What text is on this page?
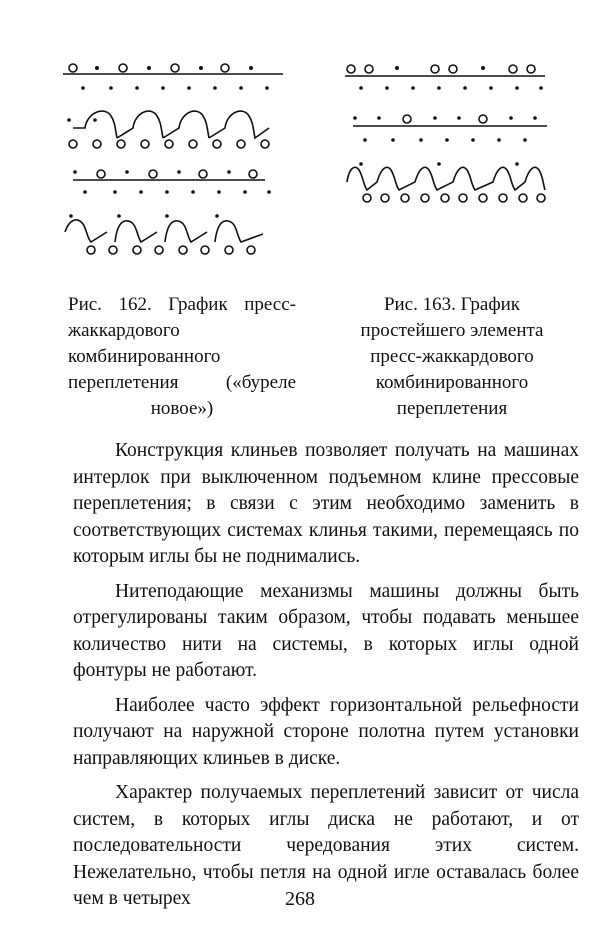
Рис. 162. График пресс-жаккардового комбинированного переплетения («буреле новое»)
Рис. 163. График простейшего элемента пресс-жаккардового комбинированного переплетения

Конструкция клиньев позволяет получать на машинах интерлок при выключенном подъемном клине прессовые переплетения; в связи с этим необходимо заменить в соответствующих системах клинья такими, перемещаясь по которым иглы бы не поднимались.

Нитеподающие механизмы машины должны быть отрегулированы таким образом, чтобы подавать меньшее количество нити на системы, в которых иглы одной фонтуры не работают.

Наиболее часто эффект горизонтальной рельефности получают на наружной стороне полотна путем установки направляющих клиньев в диске.

Характер получаемых переплетений зависит от числа систем, в которых иглы диска не работают, и от последовательности чередования этих систем. Нежелательно, чтобы петля на одной игле оставалась более чем в четырех	268
